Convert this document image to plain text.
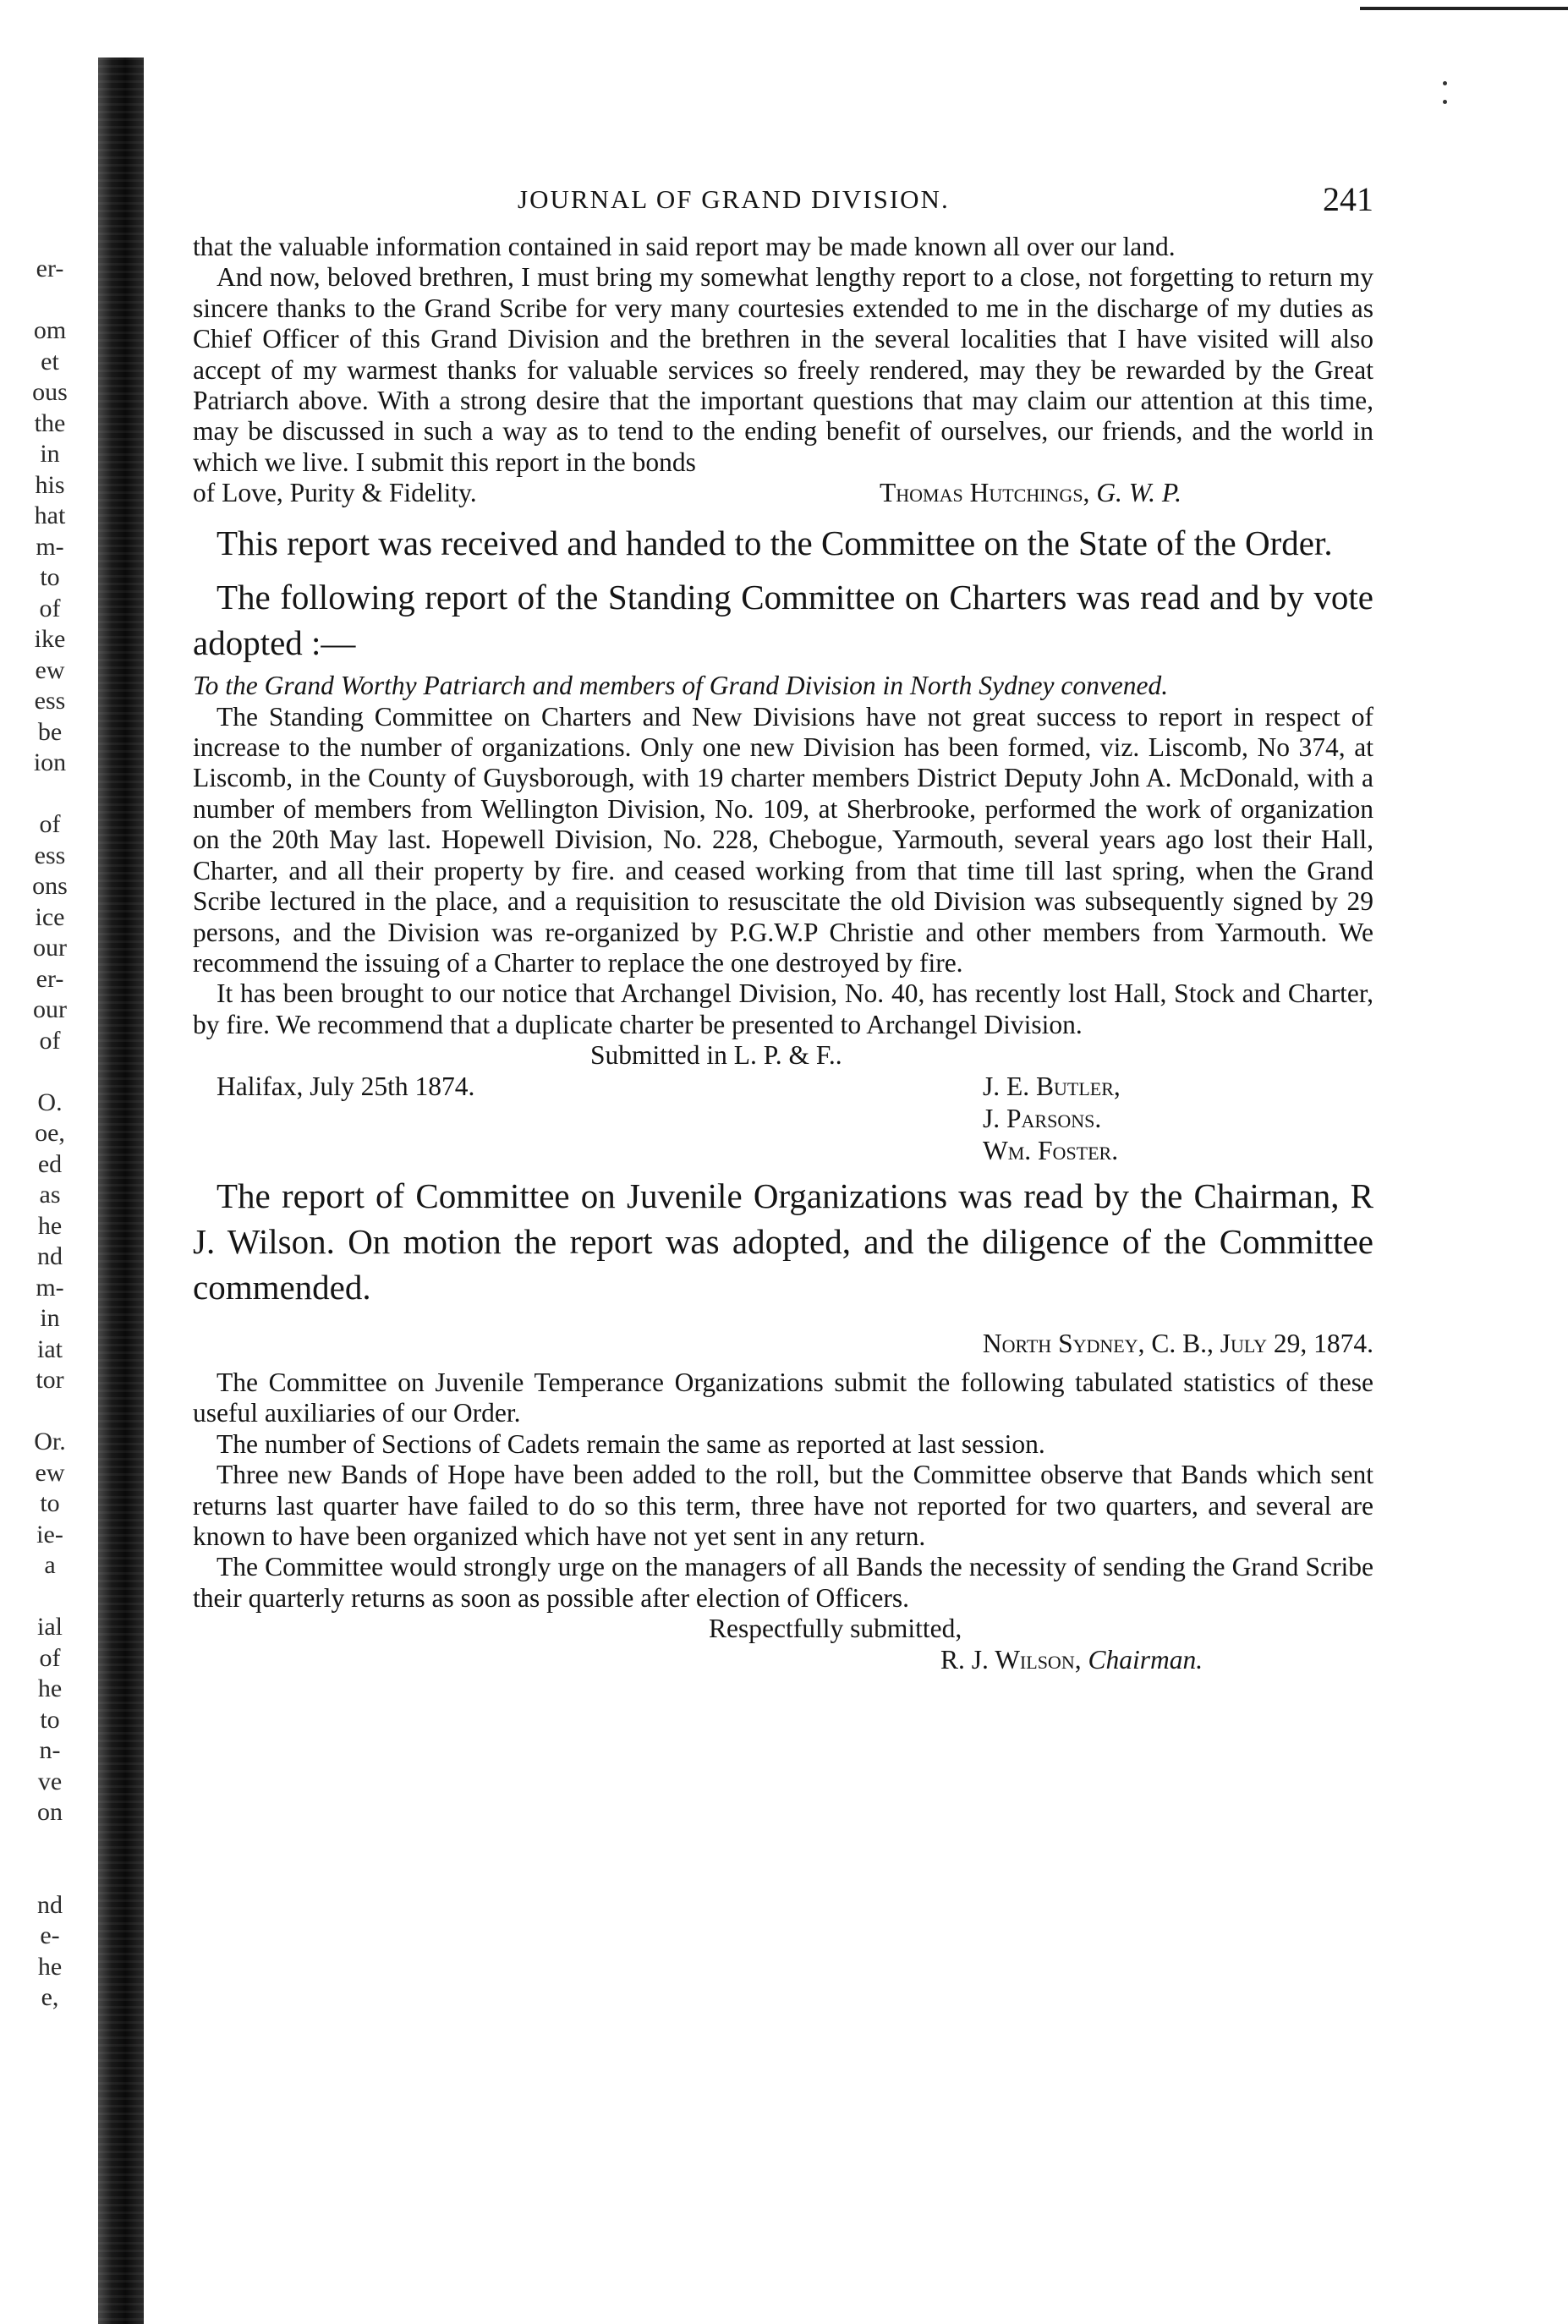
er-
om
et
ous
the
in
his
hat
m-
to
of
ike
ew
ess
be
ion
of
ess
ons
ice
our
er-
our
of
O.
oe,
ed
as
he
nd
m-
in
iat
tor
Or.
ew
to
ie-
a
ial
of
he
to
n-
ve
on
nd
e-
he
e,
JOURNAL OF GRAND DIVISION.	241

that the valuable information contained in said report may be made known all over our land.

And now, beloved brethren, I must bring my somewhat lengthy report to a close, not forgetting to return my sincere thanks to the Grand Scribe for very many courtesies extended to me in the discharge of my duties as Chief Officer of this Grand Division and the brethren in the several localities that I have visited will also accept of my warmest thanks for valuable services so freely rendered, may they be rewarded by the Great Patriarch above. With a strong desire that the important questions that may claim our attention at this time, may be discussed in such a way as to tend to the ending benefit of ourselves, our friends, and the world in which we live. I submit this report in the bonds

of Love, Purity & Fidelity.	Thomas Hutchings, G. W. P.

This report was received and handed to the Committee on the State of the Order.

The following report of the Standing Committee on Charters was read and by vote adopted :—

To the Grand Worthy Patriarch and members of Grand Division in North Sydney convened.

The Standing Committee on Charters and New Divisions have not great success to report in respect of increase to the number of organizations. Only one new Division has been formed, viz. Liscomb, No 374, at Liscomb, in the County of Guysborough, with 19 charter members District Deputy John A. McDonald, with a number of members from Wellington Division, No. 109, at Sherbrooke, performed the work of organization on the 20th May last. Hopewell Division, No. 228, Chebogue, Yarmouth, several years ago lost their Hall, Charter, and all their property by fire. and ceased working from that time till last spring, when the Grand Scribe lectured in the place, and a requisition to resuscitate the old Division was subsequently signed by 29 persons, and the Division was re-organized by P.G.W.P Christie and other members from Yarmouth. We recommend the issuing of a Charter to replace the one destroyed by fire.

It has been brought to our notice that Archangel Division, No. 40, has recently lost Hall, Stock and Charter, by fire. We recommend that a duplicate charter be presented to Archangel Division.

Submitted in L. P. & F..

Halifax, July 25th 1874.	J. E. Butler,
J. Parsons.
Wm. Foster.

The report of Committee on Juvenile Organizations was read by the Chairman, R J. Wilson. On motion the report was adopted, and the diligence of the Committee commended.

North Sydney, C. B., July 29, 1874.

The Committee on Juvenile Temperance Organizations submit the following tabulated statistics of these useful auxiliaries of our Order.

The number of Sections of Cadets remain the same as reported at last session.

Three new Bands of Hope have been added to the roll, but the Committee observe that Bands which sent returns last quarter have failed to do so this term, three have not reported for two quarters, and several are known to have been organized which have not yet sent in any return.

The Committee would strongly urge on the managers of all Bands the necessity of sending the Grand Scribe their quarterly returns as soon as possible after election of Officers.

Respectfully submitted,

R. J. Wilson, Chairman.
